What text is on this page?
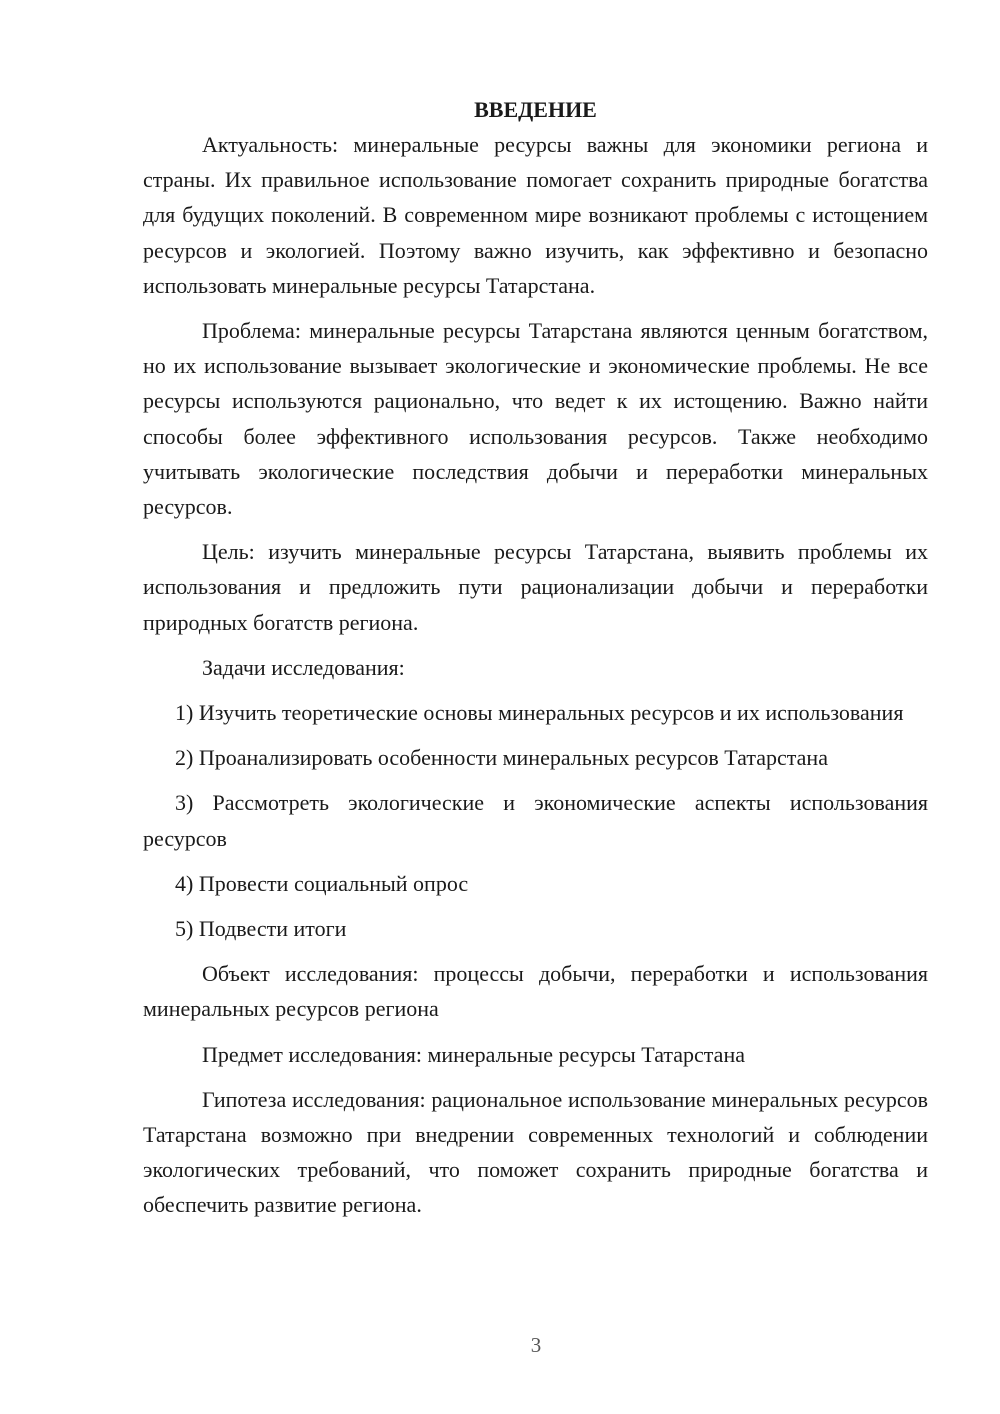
ВВЕДЕНИЕ

Актуальность: минеральные ресурсы важны для экономики региона и страны. Их правильное использование помогает сохранить природные богатства для будущих поколений. В современном мире возникают проблемы с истощением ресурсов и экологией. Поэтому важно изучить, как эффективно и безопасно использовать минеральные ресурсы Татарстана.

Проблема: минеральные ресурсы Татарстана являются ценным богатством, но их использование вызывает экологические и экономические проблемы. Не все ресурсы используются рационально, что ведет к их истощению. Важно найти способы более эффективного использования ресурсов. Также необходимо учитывать экологические последствия добычи и переработки минеральных ресурсов.

Цель: изучить минеральные ресурсы Татарстана, выявить проблемы их использования и предложить пути рационализации добычи и переработки природных богатств региона.

Задачи исследования:

1) Изучить теоретические основы минеральных ресурсов и их использования

2) Проанализировать особенности минеральных ресурсов Татарстана

3) Рассмотреть экологические и экономические аспекты использования ресурсов

4) Провести социальный опрос

5) Подвести итоги

Объект исследования: процессы добычи, переработки и использования минеральных ресурсов региона

Предмет исследования: минеральные ресурсы Татарстана

Гипотеза исследования: рациональное использование минеральных ресурсов Татарстана возможно при внедрении современных технологий и соблюдении экологических требований, что поможет сохранить природные богатства и обеспечить развитие региона.

3
